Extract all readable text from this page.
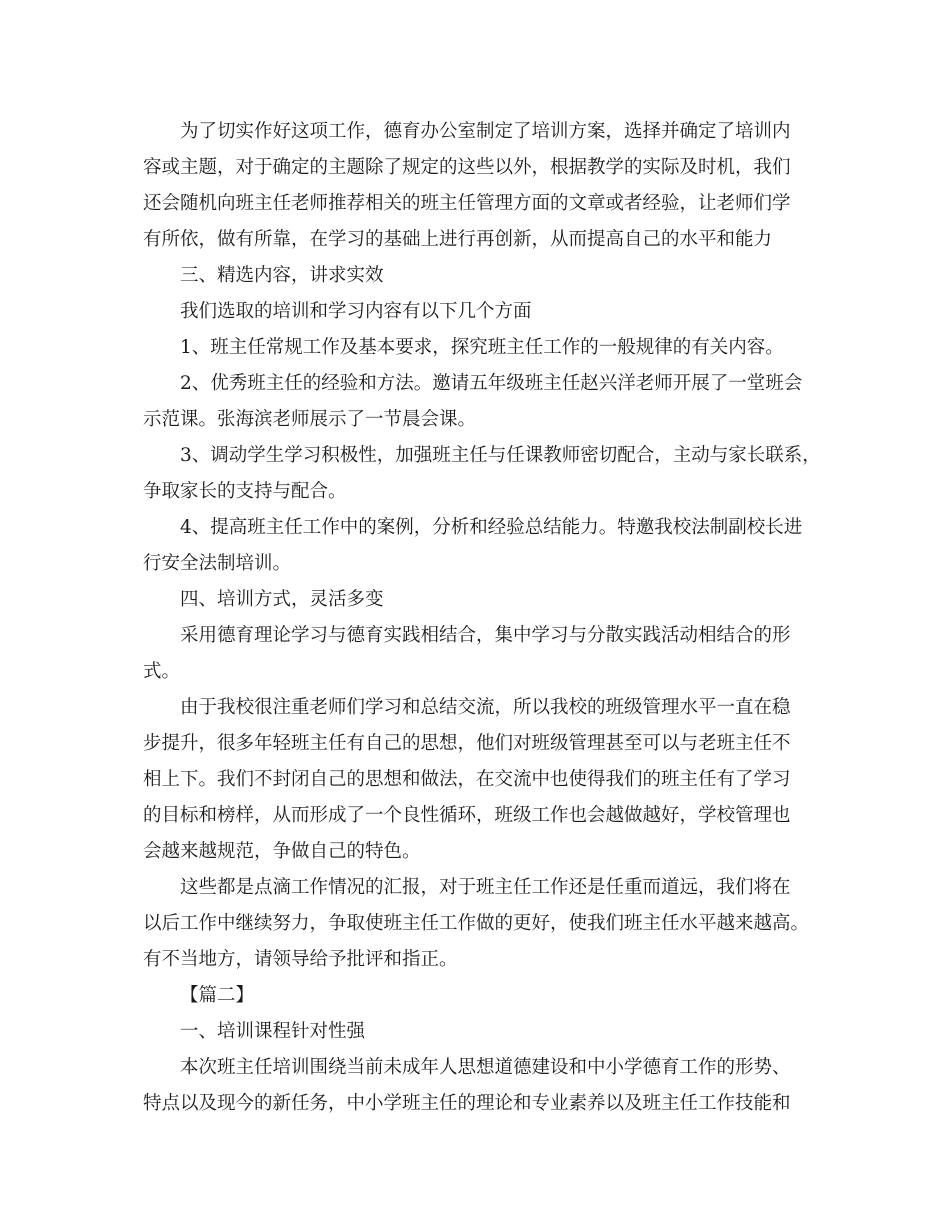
为了切实作好这项工作，德育办公室制定了培训方案，选择并确定了培训内

容或主题，对于确定的主题除了规定的这些以外，根据教学的实际及时机，我们

还会随机向班主任老师推荐相关的班主任管理方面的文章或者经验，让老师们学

有所依，做有所靠，在学习的基础上进行再创新，从而提高自己的水平和能力

三、精选内容，讲求实效

我们选取的培训和学习内容有以下几个方面

1、班主任常规工作及基本要求，探究班主任工作的一般规律的有关内容。

2、优秀班主任的经验和方法。邀请五年级班主任赵兴洋老师开展了一堂班会

示范课。张海滨老师展示了一节晨会课。

3、调动学生学习积极性，加强班主任与任课教师密切配合，主动与家长联系，

争取家长的支持与配合。

4、提高班主任工作中的案例，分析和经验总结能力。特邀我校法制副校长进

行安全法制培训。

四、培训方式，灵活多变

采用德育理论学习与德育实践相结合，集中学习与分散实践活动相结合的形

式。

由于我校很注重老师们学习和总结交流，所以我校的班级管理水平一直在稳

步提升，很多年轻班主任有自己的思想，他们对班级管理甚至可以与老班主任不

相上下。我们不封闭自己的思想和做法，在交流中也使得我们的班主任有了学习

的目标和榜样，从而形成了一个良性循环，班级工作也会越做越好，学校管理也

会越来越规范，争做自己的特色。

这些都是点滴工作情况的汇报，对于班主任工作还是任重而道远，我们将在

以后工作中继续努力，争取使班主任工作做的更好，使我们班主任水平越来越高。

有不当地方，请领导给予批评和指正。

【篇二】

一、培训课程针对性强

本次班主任培训围绕当前未成年人思想道德建设和中小学德育工作的形势、

特点以及现今的新任务，中小学班主任的理论和专业素养以及班主任工作技能和
